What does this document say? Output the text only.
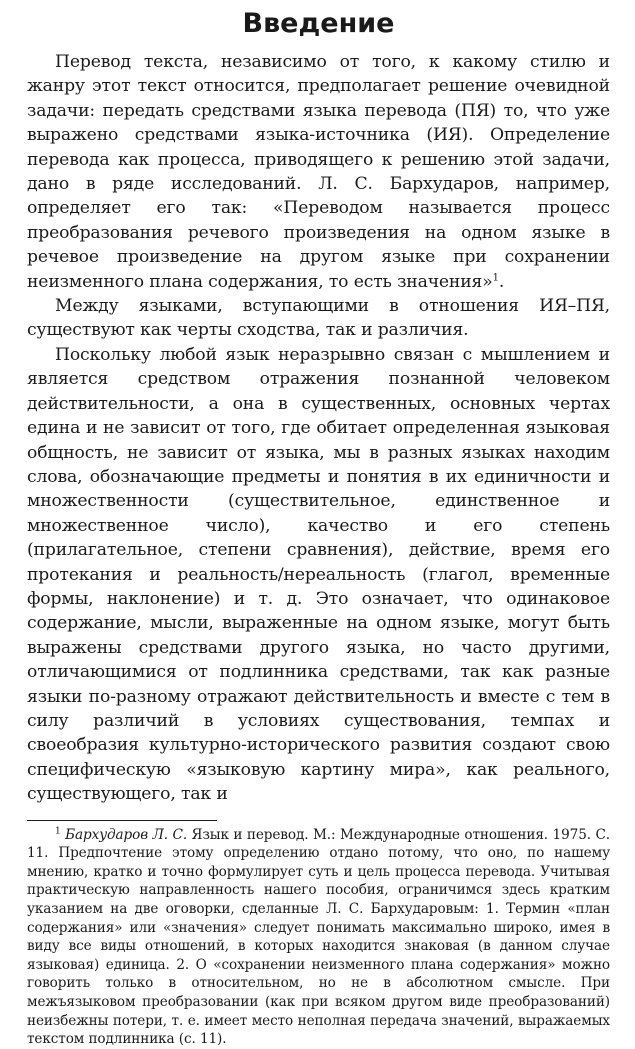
Введение

Перевод текста, независимо от того, к какому стилю и жанру этот текст относится, предполагает решение очевидной задачи: передать средствами языка перевода (ПЯ) то, что уже выражено средствами языка-источника (ИЯ). Определение перевода как процесса, приводящего к решению этой задачи, дано в ряде исследований. Л. С. Бархударов, например, определяет его так: «Переводом называется процесс преобразования речевого произведения на одном языке в речевое произведение на другом языке при сохранении неизменного плана содержания, то есть значения»$^1$.

Между языками, вступающими в отношения ИЯ–ПЯ, существуют как черты сходства, так и различия.

Поскольку любой язык неразрывно связан с мышлением и является средством отражения познанной человеком действительности, а она в существенных, основных чертах едина и не зависит от того, где обитает определенная языковая общность, не зависит от языка, мы в разных языках находим слова, обозначающие предметы и понятия в их единичности и множественности (существительное, единственное и множественное число), качество и его степень (прилагательное, степени сравнения), действие, время его протекания и реальность/нереальность (глагол, временные формы, наклонение) и т. д. Это означает, что одинаковое содержание, мысли, выраженные на одном языке, могут быть выражены средствами другого языка, но часто другими, отличающимися от подлинника средствами, так как разные языки по-разному отражают действительность и вместе с тем в силу различий в условиях существования, темпах и своеобразия культурно-исторического развития создают свою специфическую «языковую картину мира», как реального, существующего, так и

$^1$ Бархударов Л. С. Язык и перевод. М.: Международные отношения. 1975. С. 11. Предпочтение этому определению отдано потому, что оно, по нашему мнению, кратко и точно формулирует суть и цель процесса перевода. Учитывая практическую направленность нашего пособия, ограничимся здесь кратким указанием на две оговорки, сделанные Л. С. Бархударовым: 1. Термин «план содержания» или «значения» следует понимать максимально широко, имея в виду все виды отношений, в которых находится знаковая (в данном случае языковая) единица. 2. О «сохранении неизменного плана содержания» можно говорить только в относительном, но не в абсолютном смысле. При межъязыковом преобразовании (как при всяком другом виде преобразований) неизбежны потери, т. е. имеет место неполная передача значений, выражаемых текстом подлинника (с. 11).
